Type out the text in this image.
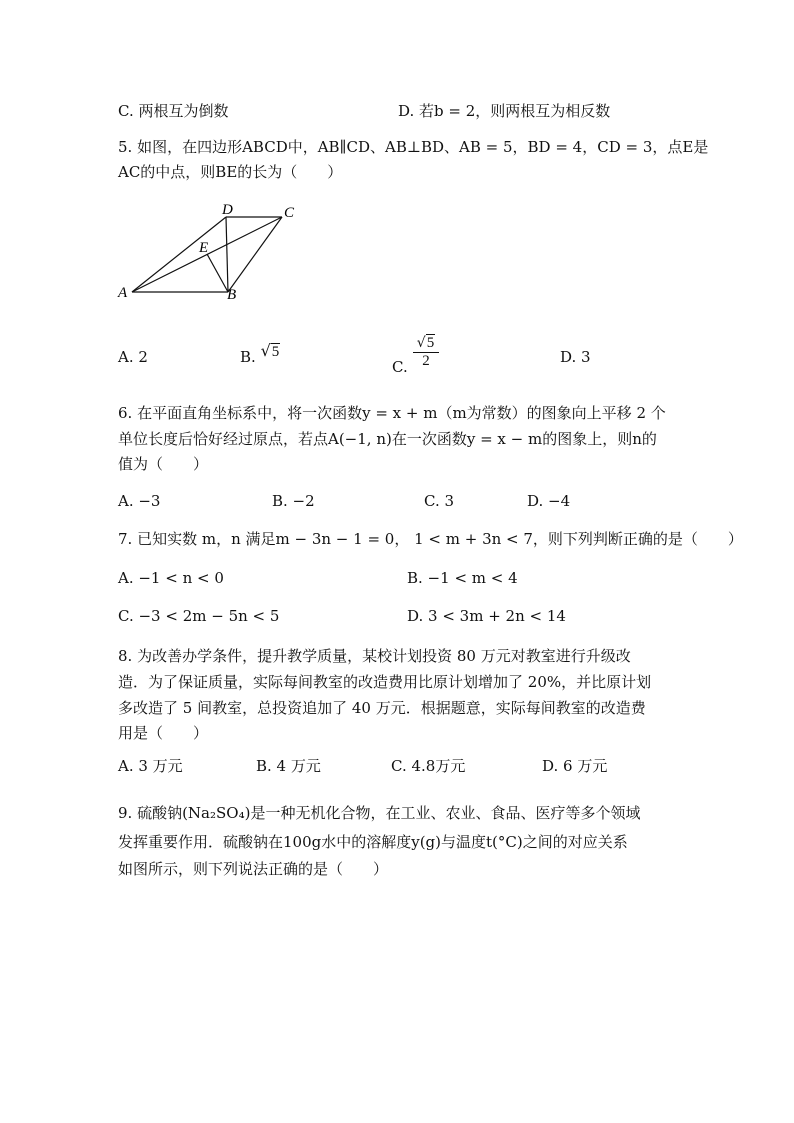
C. 两根互为倒数	D. 若b = 2，则两根互为相反数
5. 如图，在四边形ABCD中，AB∥CD、AB⊥BD、AB = 5，BD = 4，CD = 3，点E是
AC的中点，则BE的长为（　　）
A	B
C
D
E
A. 2	B. √5
C.
√5
2	D. 3
6. 在平面直角坐标系中，将一次函数y = x + m（m为常数）的图象向上平移 2 个
单位长度后恰好经过原点，若点A(−1, n)在一次函数y = x − m的图象上，则n的
值为（　　）
A. −3	B. −2	C. 3	D. −4
7. 已知实数 m，n 满足m − 3n − 1 = 0， 1 < m + 3n < 7，则下列判断正确的是（　　）
A. −1 < n < 0	B. −1 < m < 4
C. −3 < 2m − 5n < 5	D. 3 < 3m + 2n < 14
8. 为改善办学条件，提升教学质量，某校计划投资 80 万元对教室进行升级改
造．为了保证质量，实际每间教室的改造费用比原计划增加了 20%，并比原计划
多改造了 5 间教室，总投资追加了 40 万元．根据题意，实际每间教室的改造费
用是（　　）
A. 3 万元	B. 4 万元	C. 4.8万元	D. 6 万元
9. 硫酸钠(Na₂SO₄)是一种无机化合物，在工业、农业、食品、医疗等多个领域
发挥重要作用．硫酸钠在100g水中的溶解度y(g)与温度t(°C)之间的对应关系
如图所示，则下列说法正确的是（　　）
